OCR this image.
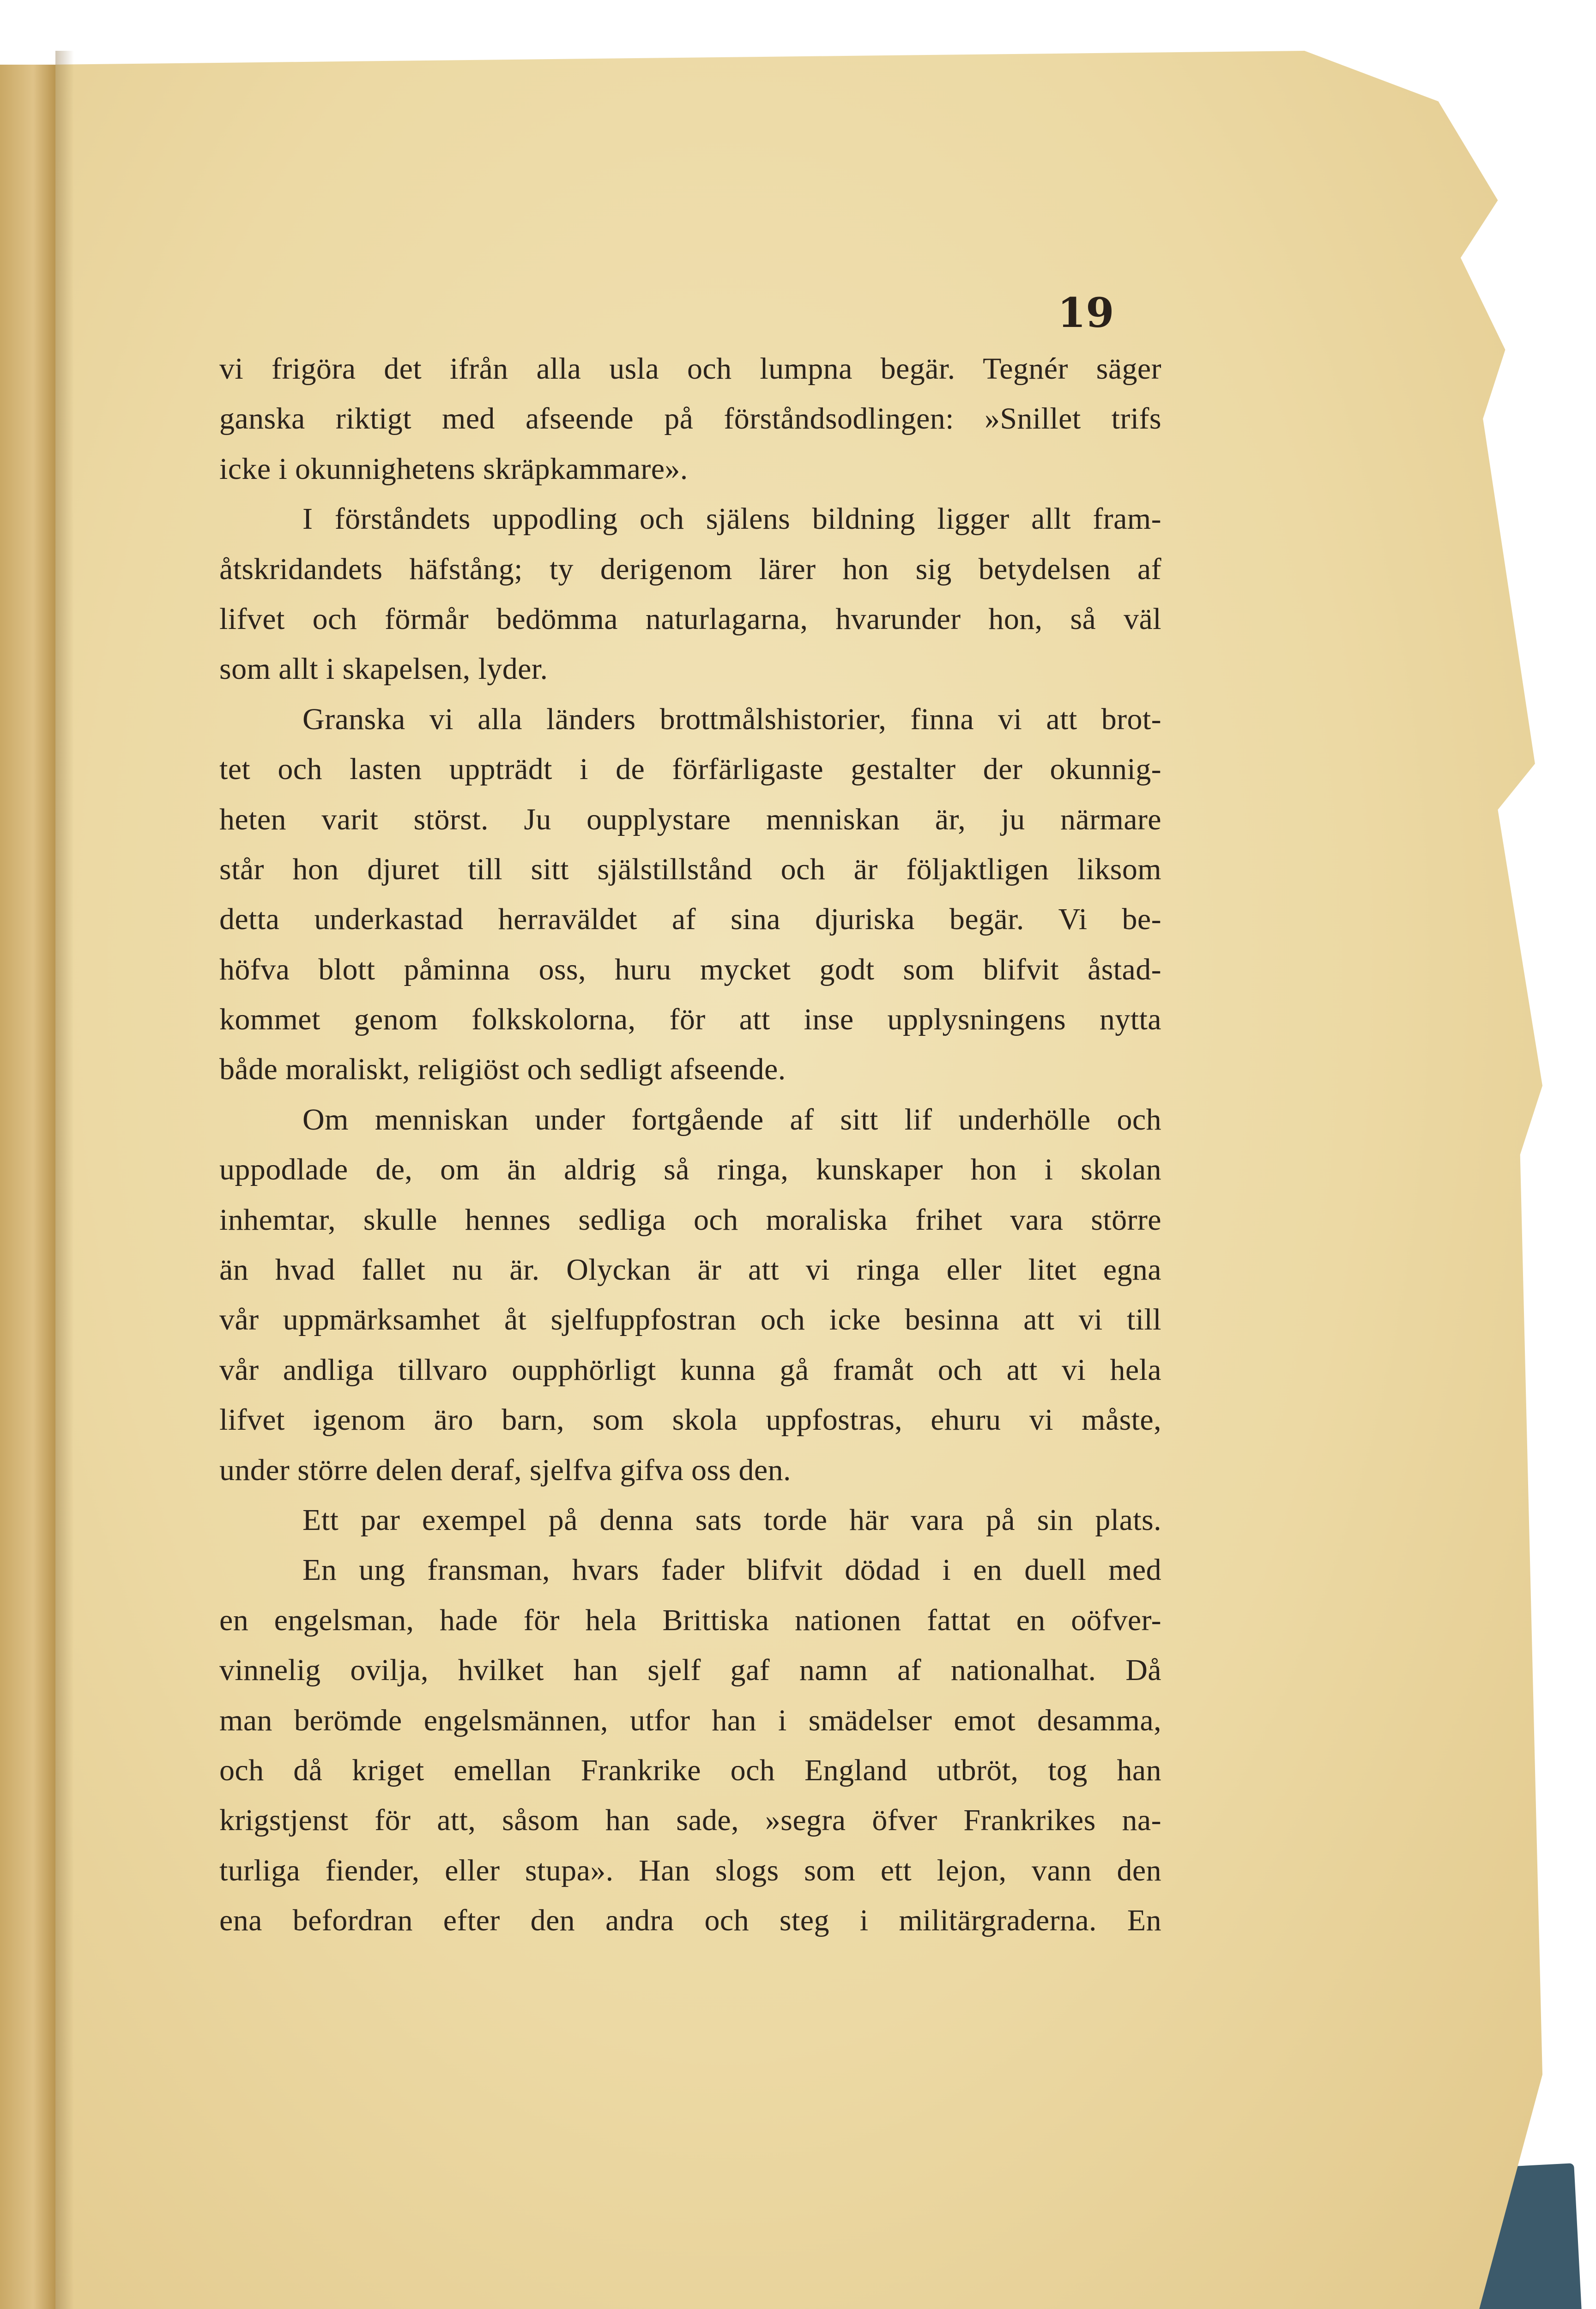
19
vi frigöra det ifrån alla usla och lumpna begär. Tegnér säger
ganska riktigt med afseende på förståndsodlingen: »Snillet trifs
icke i okunnighetens skräpkammare».
I förståndets uppodling och själens bildning ligger allt fram-
åtskridandets häfstång; ty derigenom lärer hon sig betydelsen af
lifvet och förmår bedömma naturlagarna, hvarunder hon, så väl
som allt i skapelsen, lyder.
Granska vi alla länders brottmålshistorier, finna vi att brot-
tet och lasten uppträdt i de förfärligaste gestalter der okunnig-
heten varit störst. Ju oupplystare menniskan är, ju närmare
står hon djuret till sitt själstillstånd och är följaktligen liksom
detta underkastad herraväldet af sina djuriska begär. Vi be-
höfva blott påminna oss, huru mycket godt som blifvit åstad-
kommet genom folkskolorna, för att inse upplysningens nytta
både moraliskt, religiöst och sedligt afseende.
Om menniskan under fortgående af sitt lif underhölle och
uppodlade de, om än aldrig så ringa, kunskaper hon i skolan
inhemtar, skulle hennes sedliga och moraliska frihet vara större
än hvad fallet nu är. Olyckan är att vi ringa eller litet egna
vår uppmärksamhet åt sjelfuppfostran och icke besinna att vi till
vår andliga tillvaro oupphörligt kunna gå framåt och att vi hela
lifvet igenom äro barn, som skola uppfostras, ehuru vi måste,
under större delen deraf, sjelfva gifva oss den.
Ett par exempel på denna sats torde här vara på sin plats.
En ung fransman, hvars fader blifvit dödad i en duell med
en engelsman, hade för hela Brittiska nationen fattat en oöfver-
vinnelig ovilja, hvilket han sjelf gaf namn af nationalhat. Då
man berömde engelsmännen, utfor han i smädelser emot desamma,
och då kriget emellan Frankrike och England utbröt, tog han
krigstjenst för att, såsom han sade, »segra öfver Frankrikes na-
turliga fiender, eller stupa». Han slogs som ett lejon, vann den
ena befordran efter den andra och steg i militärgraderna. En
